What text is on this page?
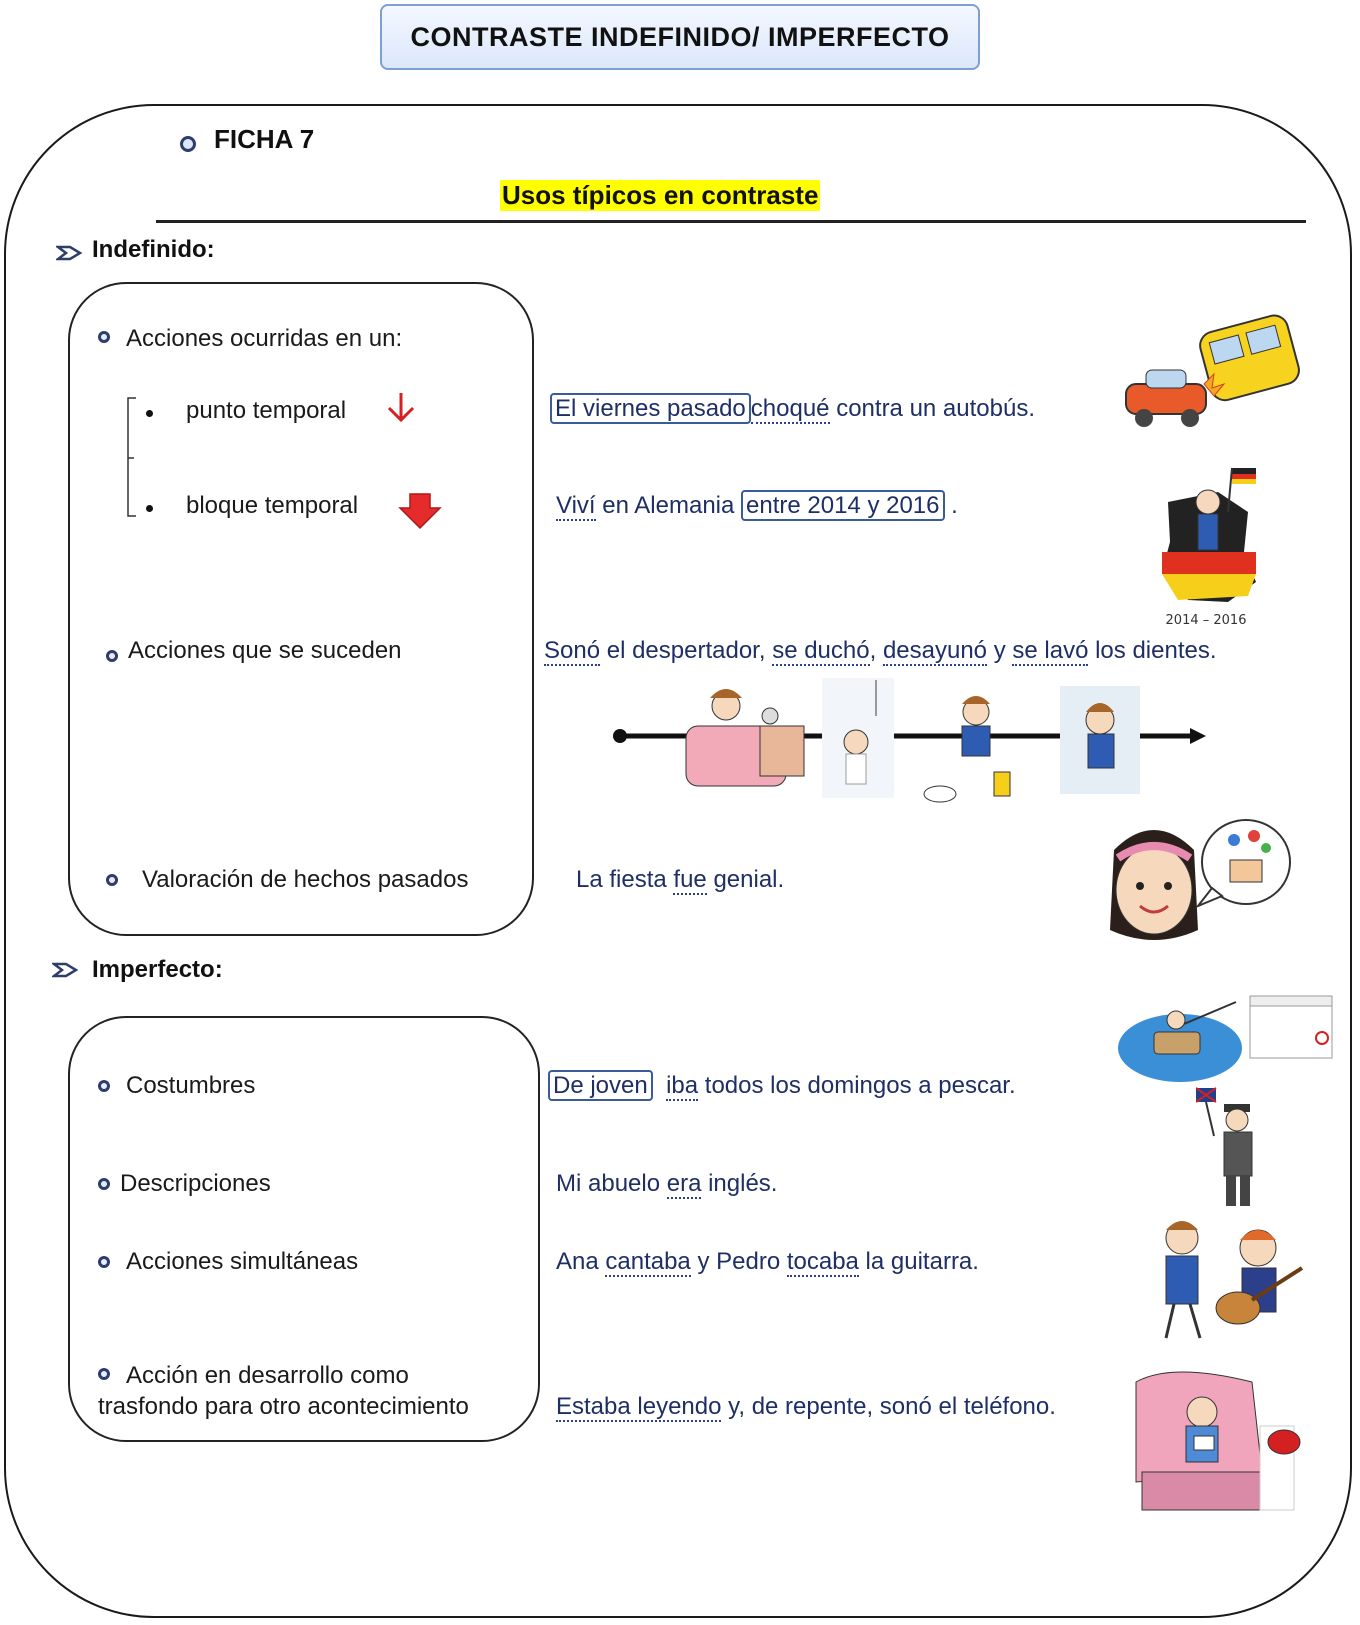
CONTRASTE INDEFINIDO/ IMPERFECTO
FICHA 7
Usos típicos en contraste
Indefinido:
Acciones ocurridas en un:
punto temporal
bloque temporal
Acciones que se suceden
Valoración de hechos pasados
El viernes pasado choqué contra un autobús.
Viví en Alemania entre 2014 y 2016 .
Sonó el despertador, se duchó, desayunó y se lavó los dientes.
La fiesta fue genial.
2014 – 2016
Imperfecto:
Costumbres
Descripciones
Acciones simultáneas
Acción en desarrollo como
trasfondo para otro acontecimiento
De joven iba todos los domingos a pescar.
Mi abuelo era inglés.
Ana cantaba y Pedro tocaba la guitarra.
Estaba leyendo y, de repente, sonó el teléfono.
